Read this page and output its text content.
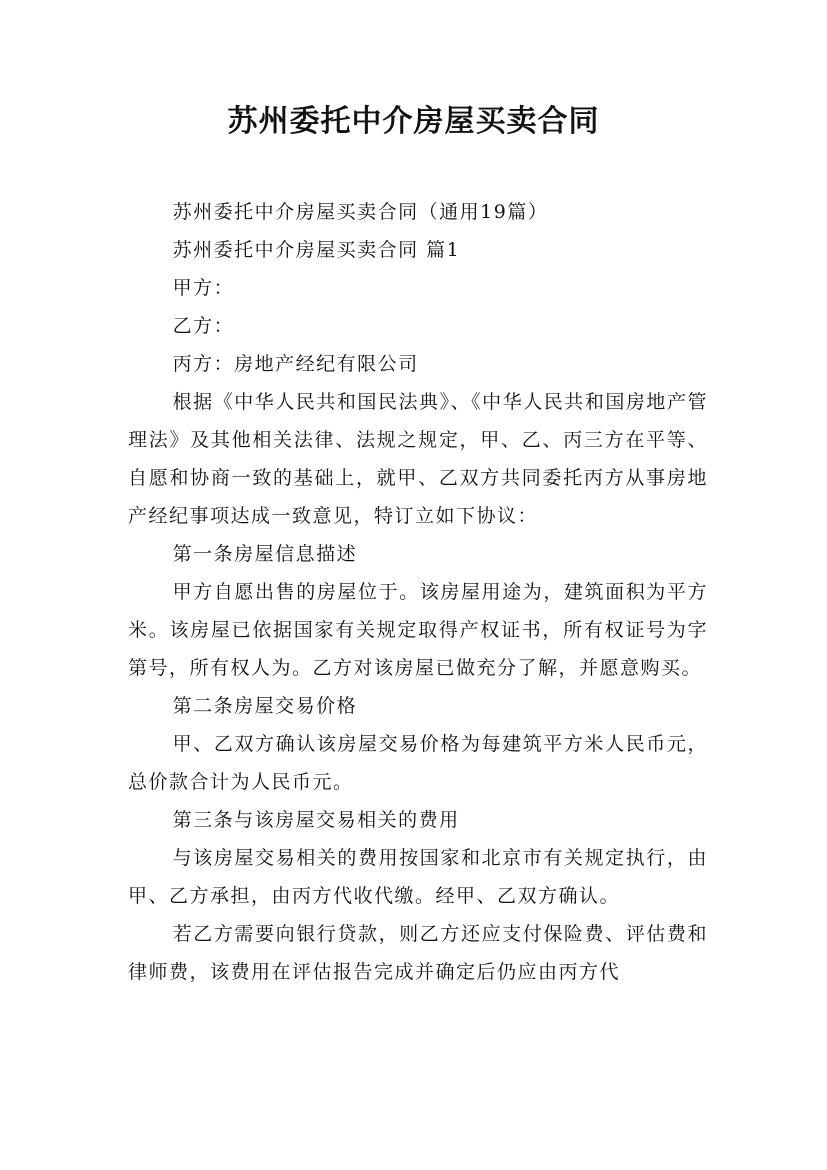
苏州委托中介房屋买卖合同

苏州委托中介房屋买卖合同（通用19篇）

苏州委托中介房屋买卖合同 篇1

甲方：

乙方：

丙方：房地产经纪有限公司

根据《中华人民共和国民法典》、《中华人民共和国房地产管理法》及其他相关法律、法规之规定，甲、乙、丙三方在平等、自愿和协商一致的基础上，就甲、乙双方共同委托丙方从事房地产经纪事项达成一致意见，特订立如下协议：

第一条房屋信息描述

甲方自愿出售的房屋位于。该房屋用途为，建筑面积为平方米。该房屋已依据国家有关规定取得产权证书，所有权证号为字第号，所有权人为。乙方对该房屋已做充分了解，并愿意购买。

第二条房屋交易价格

甲、乙双方确认该房屋交易价格为每建筑平方米人民币元，总价款合计为人民币元。

第三条与该房屋交易相关的费用

与该房屋交易相关的费用按国家和北京市有关规定执行，由甲、乙方承担，由丙方代收代缴。经甲、乙双方确认。

若乙方需要向银行贷款，则乙方还应支付保险费、评估费和律师费，该费用在评估报告完成并确定后仍应由丙方代
